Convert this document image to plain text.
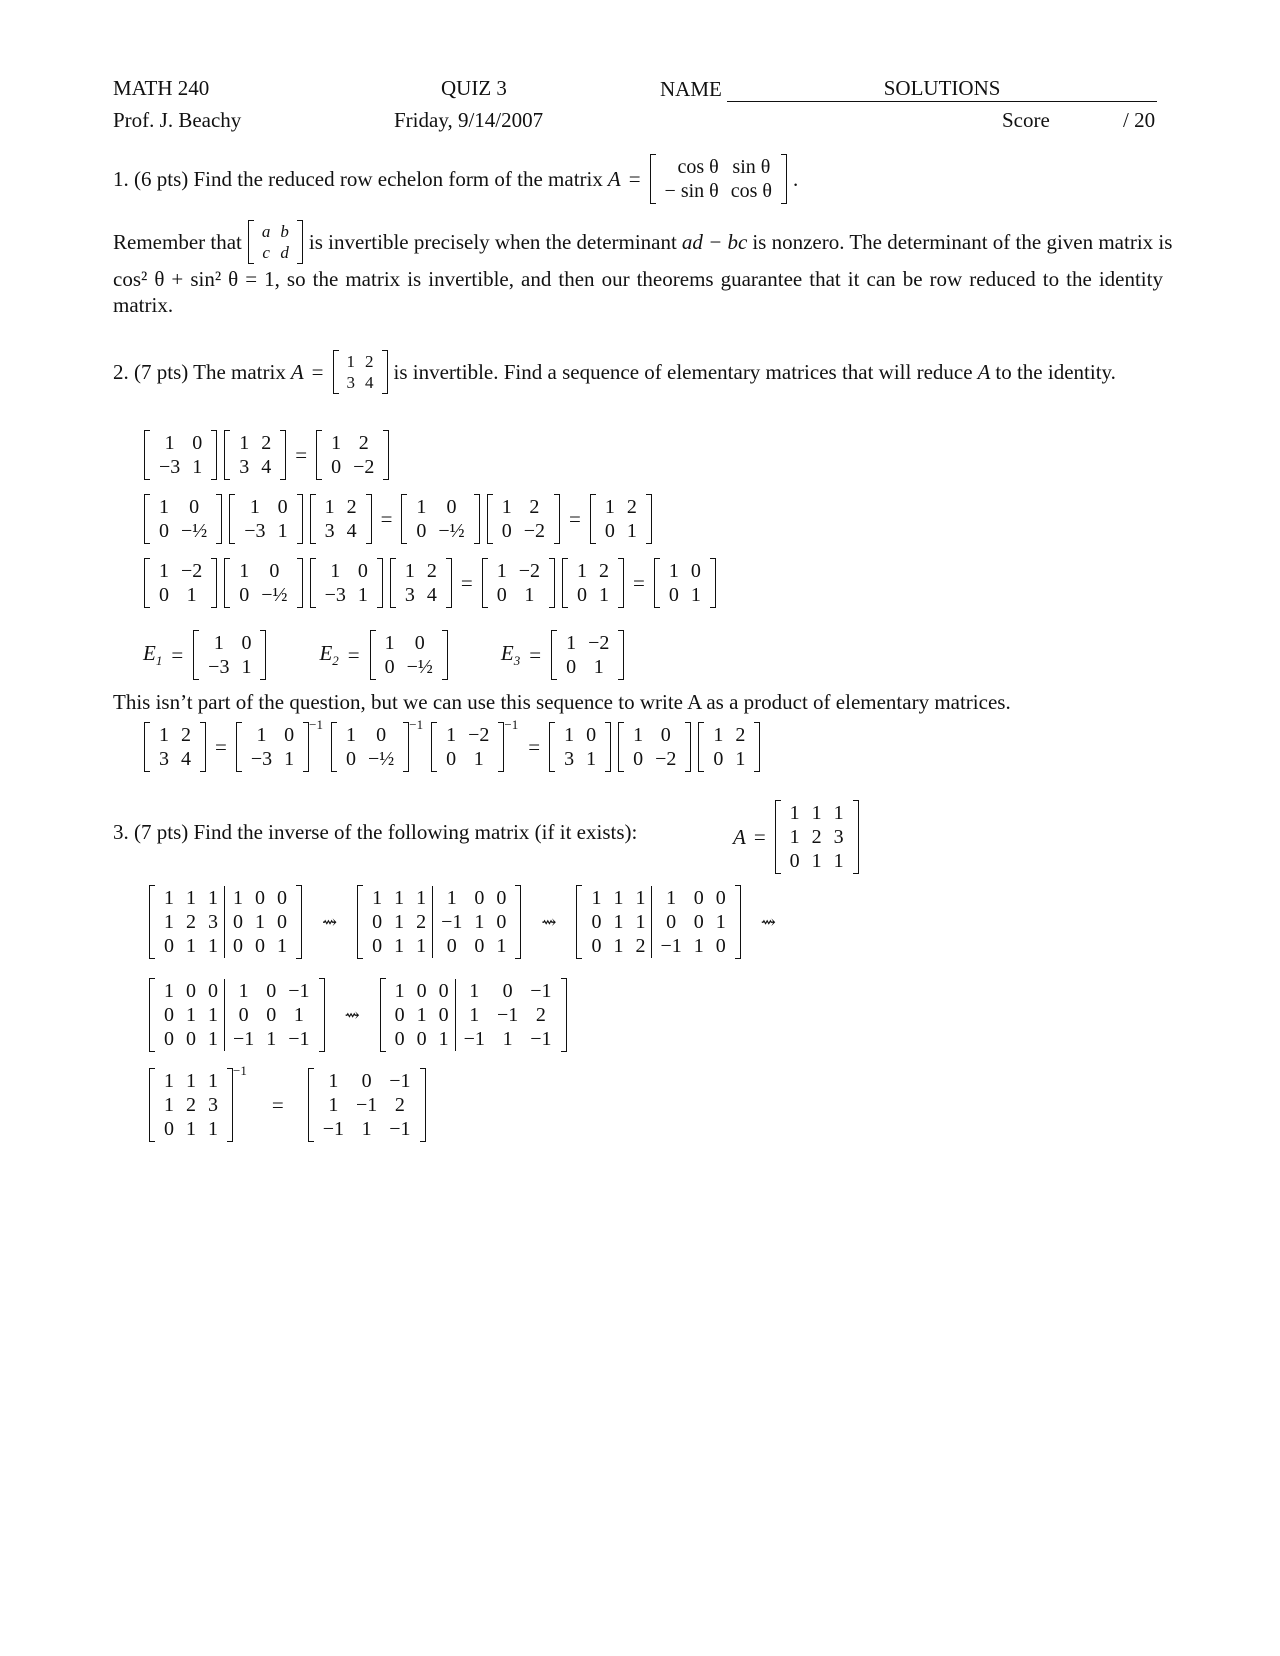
MATH 240
Prof. J. Beachy
QUIZ 3
Friday, 9/14/2007
NAME	SOLUTIONS
Score	/ 20
1. (6 pts) Find the reduced row echelon form of the matrix A = cos θ	sin θ
− sin θ	cos θ
.
Remember that a	b
c	d is invertible precisely when the determinant ad − bc is nonzero. The determinant of the given matrix is
cos² θ + sin² θ = 1, so the matrix is invertible, and then our theorems guarantee that it can be row reduced to the identity matrix.
2. (7 pts) The matrix A = 1	2
3	4 is invertible. Find a sequence of elementary matrices that will reduce A to the identity.
1	0
−3	1
1	2
3	4
= 1	2
0	−2
1	0
0	−½
1	0
−3	1
1	2
3	4
= 1	0
0	−½
1	2
0	−2
= 1	2
0	1
1	−2
0	1
1	0
0	−½
1	0
−3	1
1	2
3	4
= 1	−2
0	1
1	2
0	1
= 1	0
0	1
$E_1 = 1$	0
−3	1
$E_2 = 1$	0
0	−½
$E_3 = 1$	−2
0	1
This isn’t part of the question, but we can use this sequence to write A as a product of elementary matrices.
1	2
3	4
= 1	0
−3	1
−1 1	0
0	−½
−1 1	−2
0	1
−1
= 1	0
3	1
1	0
0	−2
1	2
0	1
3. (7 pts) Find the inverse of the following matrix (if it exists):	A =
1	1	1
1	2	3
0	1	1
1	1	1	1	0	0
1	2	3	0	1	0
0	1	1	0	0	1
⇝
1	1	1	1	0	0
0	1	2	−1	1	0
0	1	1	0	0	1
⇝
1	1	1	1	0	0
0	1	1	0	0	1
0	1	2	−1	1	0
⇝
1	0	0	1	0	−1
0	1	1	0	0	1
0	0	1	−1	1	−1
⇝
1	0	0	1	0	−1
0	1	0	1	−1	2
0	0	1	−1	1	−1
1	1	1
1	2	3
0	1	1
−1
=
1	0	−1
1	−1	2
−1	1	−1
